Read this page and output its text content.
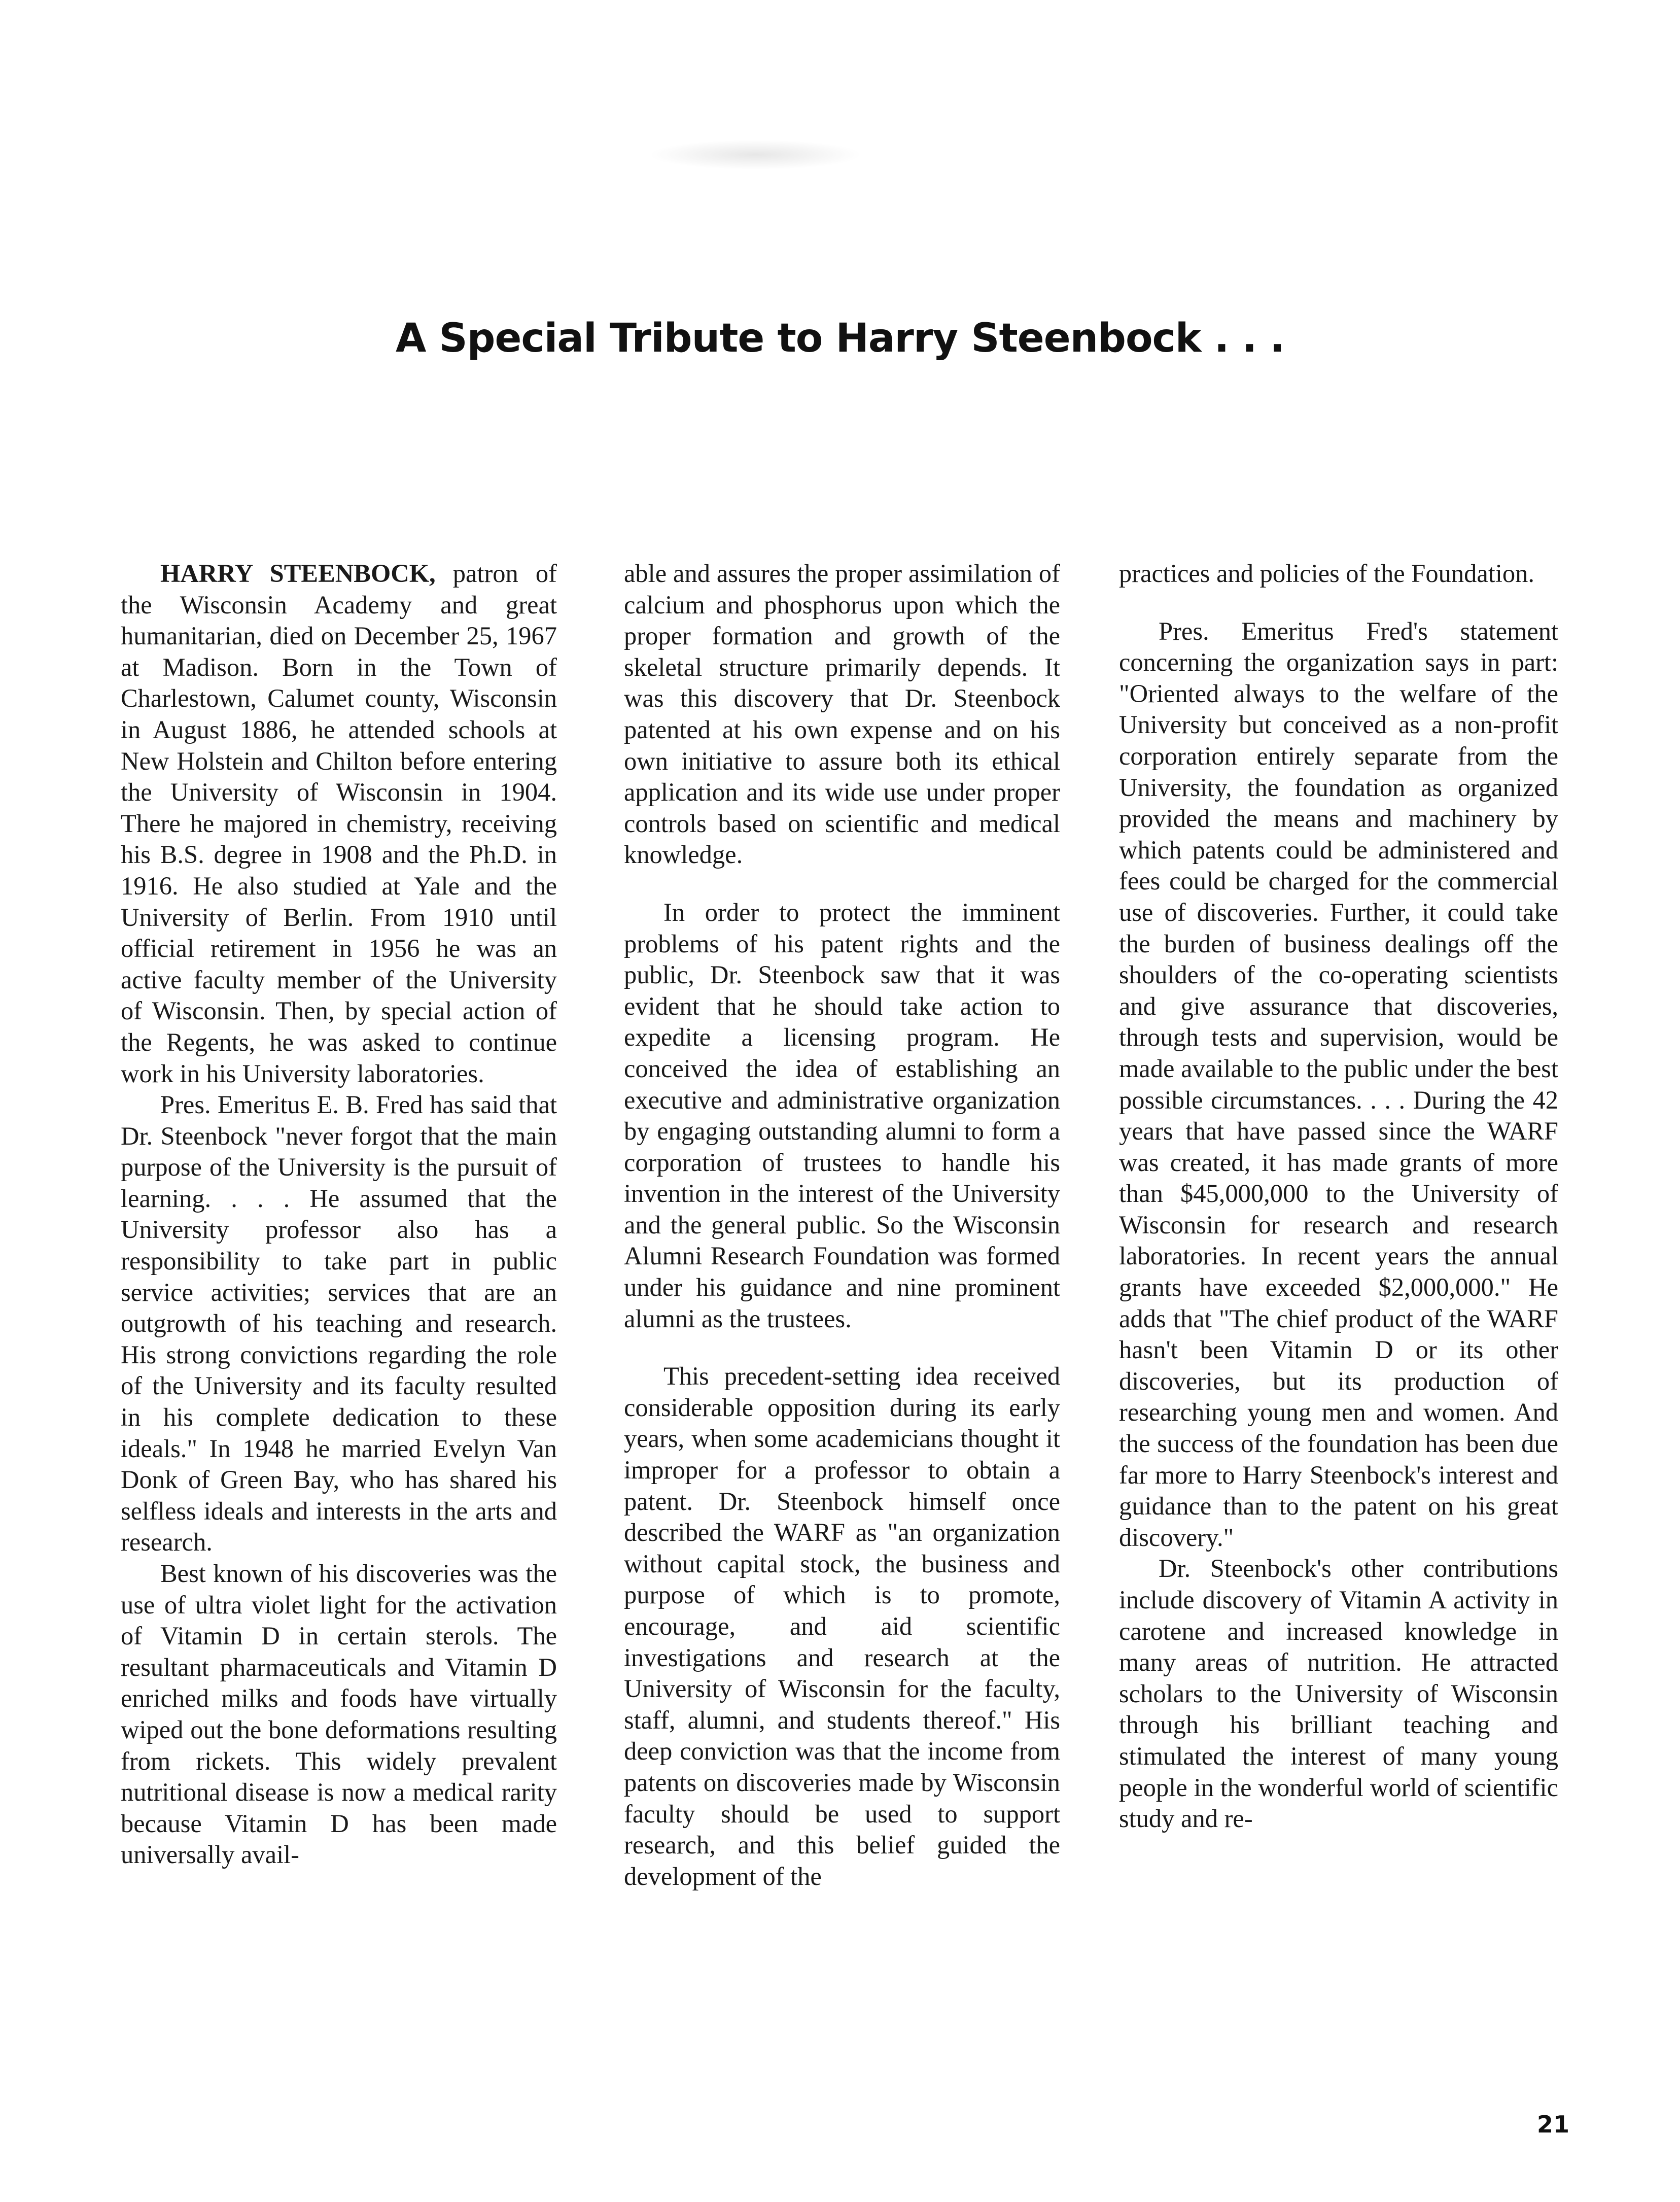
A Special Tribute to Harry Steenbock . . .

HARRY STEENBOCK, patron of the Wisconsin Academy and great humanitarian, died on December 25, 1967 at Madison. Born in the Town of Charlestown, Calumet county, Wisconsin in August 1886, he attended schools at New Holstein and Chilton before entering the University of Wisconsin in 1904. There he majored in chemistry, receiving his B.S. degree in 1908 and the Ph.D. in 1916. He also studied at Yale and the University of Berlin. From 1910 until official retirement in 1956 he was an active faculty member of the University of Wisconsin. Then, by special action of the Regents, he was asked to continue work in his University laboratories.

Pres. Emeritus E. B. Fred has said that Dr. Steenbock "never forgot that the main purpose of the University is the pursuit of learning. . . . He assumed that the University professor also has a responsibility to take part in public service activities; services that are an outgrowth of his teaching and research. His strong convictions regarding the role of the University and its faculty resulted in his complete dedication to these ideals." In 1948 he married Evelyn Van Donk of Green Bay, who has shared his selfless ideals and interests in the arts and research.

Best known of his discoveries was the use of ultra violet light for the activation of Vitamin D in certain sterols. The resultant pharmaceuticals and Vitamin D enriched milks and foods have virtually wiped out the bone deformations resulting from rickets. This widely prevalent nutritional disease is now a medical rarity because Vitamin D has been made universally avail-

able and assures the proper assimilation of calcium and phosphorus upon which the proper formation and growth of the skeletal structure primarily depends. It was this discovery that Dr. Steenbock patented at his own expense and on his own initiative to assure both its ethical application and its wide use under proper controls based on scientific and medical knowledge.

In order to protect the imminent problems of his patent rights and the public, Dr. Steenbock saw that it was evident that he should take action to expedite a licensing program. He conceived the idea of establishing an executive and administrative organization by engaging outstanding alumni to form a corporation of trustees to handle his invention in the interest of the University and the general public. So the Wisconsin Alumni Research Foundation was formed under his guidance and nine prominent alumni as the trustees.

This precedent-setting idea received considerable opposition during its early years, when some academicians thought it improper for a professor to obtain a patent. Dr. Steenbock himself once described the WARF as "an organization without capital stock, the business and purpose of which is to promote, encourage, and aid scientific investigations and research at the University of Wisconsin for the faculty, staff, alumni, and students thereof." His deep conviction was that the income from patents on discoveries made by Wisconsin faculty should be used to support research, and this belief guided the development of the

practices and policies of the Foundation.

Pres. Emeritus Fred's statement concerning the organization says in part: "Oriented always to the welfare of the University but conceived as a non-profit corporation entirely separate from the University, the foundation as organized provided the means and machinery by which patents could be administered and fees could be charged for the commercial use of discoveries. Further, it could take the burden of business dealings off the shoulders of the co-operating scientists and give assurance that discoveries, through tests and supervision, would be made available to the public under the best possible circumstances. . . . During the 42 years that have passed since the WARF was created, it has made grants of more than $45,000,000 to the University of Wisconsin for research and research laboratories. In recent years the annual grants have exceeded $2,000,000." He adds that "The chief product of the WARF hasn't been Vitamin D or its other discoveries, but its production of researching young men and women. And the success of the foundation has been due far more to Harry Steenbock's interest and guidance than to the patent on his great discovery."

Dr. Steenbock's other contributions include discovery of Vitamin A activity in carotene and increased knowledge in many areas of nutrition. He attracted scholars to the University of Wisconsin through his brilliant teaching and stimulated the interest of many young people in the wonderful world of scientific study and re-

21
